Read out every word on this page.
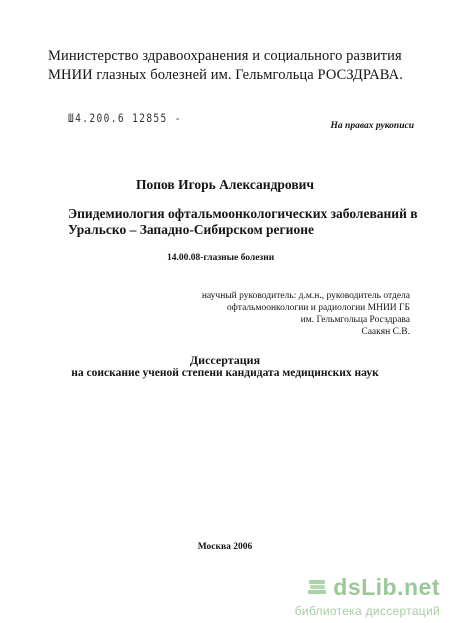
Министерство здравоохранения и социального развития
МНИИ глазных болезней им. Гельмгольца РОСЗДРАВА.
Ш4.200.6 12855 -
На правах рукописи
Попов Игорь Александрович
Эпидемиология офтальмоонкологических заболеваний в
Уральско – Западно-Сибирском регионе
14.00.08-глазные болезни
научный руководитель: д.м.н., руководитель отдела
офтальмоонкологии и радиологии МНИИ ГБ
им. Гельмгольца Росздрава
Саакян С.В.
Диссертация
на соискание ученой степени кандидата медицинских наук
Москва 2006
dsLib.net
библиотека диссертаций
